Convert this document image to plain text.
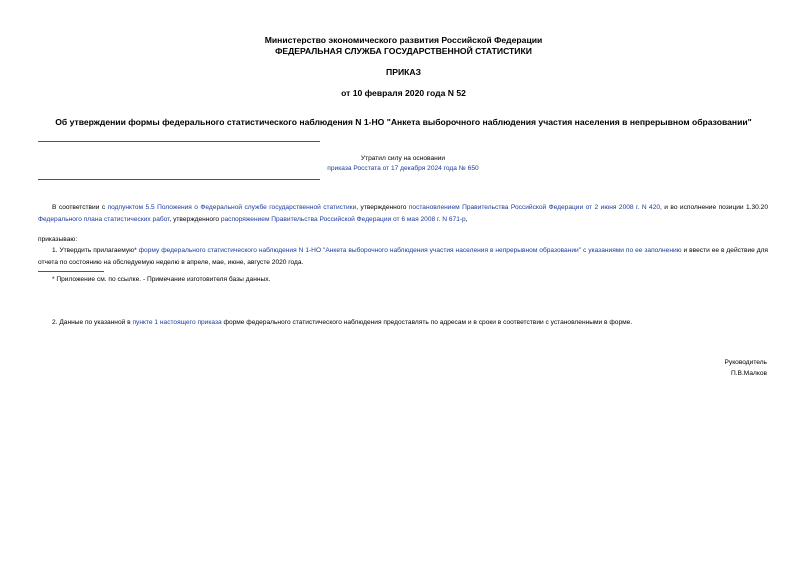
Министерство экономического развития Российской Федерации
ФЕДЕРАЛЬНАЯ СЛУЖБА ГОСУДАРСТВЕННОЙ СТАТИСТИКИ
ПРИКАЗ
от 10 февраля 2020 года N 52
Об утверждении формы федерального статистического наблюдения N 1-НО "Анкета выборочного наблюдения участия населения в непрерывном образовании"
Утратил силу на основании
приказа Росстата от 17 декабря 2024 года № 650
В соответствии с подпунктом 5.5 Положения о Федеральной службе государственной статистики, утвержденного постановлением Правительства Российской Федерации от 2 июня 2008 г. N 420, и во исполнение позиции 1.30.20 Федерального плана статистических работ, утвержденного распоряжением Правительства Российской Федерации от 6 мая 2008 г. N 671-р,
приказываю:
1. Утвердить прилагаемую* форму федерального статистического наблюдения N 1-НО "Анкета выборочного наблюдения участия населения в непрерывном образовании" с указаниями по ее заполнению и ввести ее в действие для отчета по состоянию на обследуемую неделю в апреле, мае, июне, августе 2020 года.
* Приложение см. по ссылке. - Примечание изготовителя базы данных.
2. Данные по указанной в пункте 1 настоящего приказа форме федерального статистического наблюдения предоставлять по адресам и в сроки в соответствии с установленными в форме.
Руководитель
П.В.Малков
